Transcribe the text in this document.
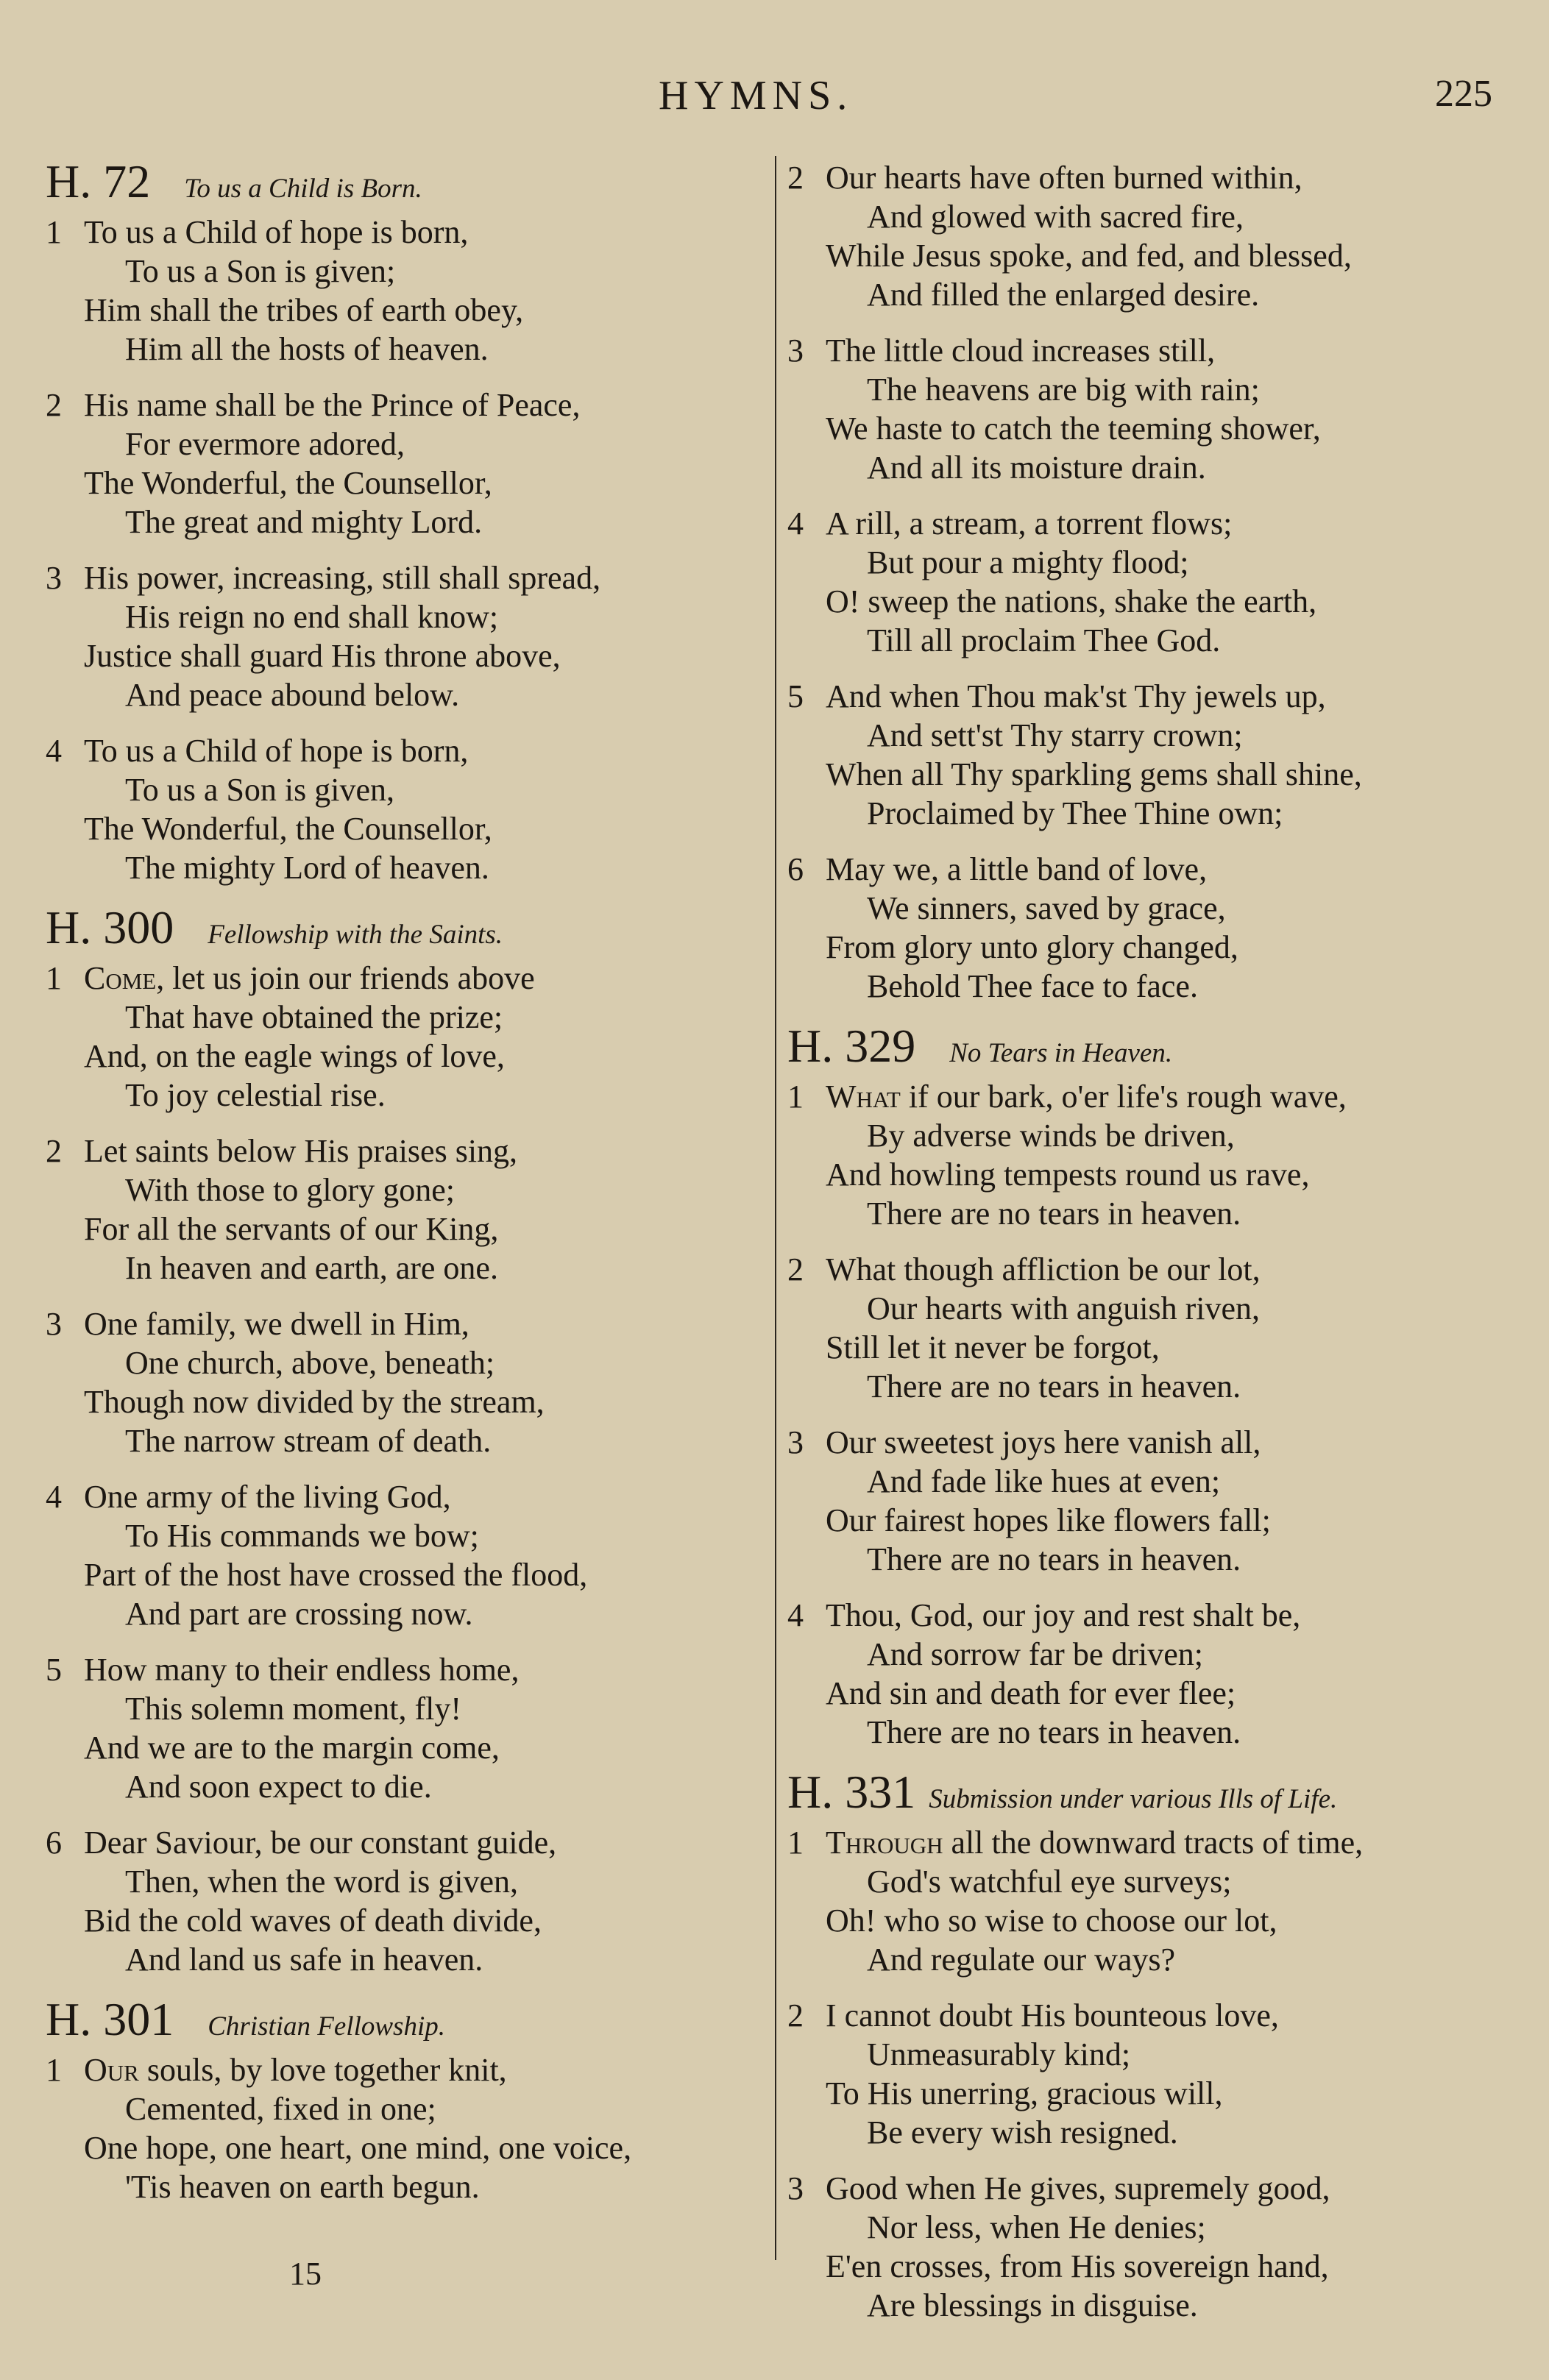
HYMNS.	225
H. 72 To us a Child is Born.
1 To us a Child of hope is born,
To us a Son is given;
Him shall the tribes of earth obey,
Him all the hosts of heaven.
2 His name shall be the Prince of Peace,
For evermore adored,
The Wonderful, the Counsellor,
The great and mighty Lord.
3 His power, increasing, still shall spread,
His reign no end shall know;
Justice shall guard His throne above,
And peace abound below.
4 To us a Child of hope is born,
To us a Son is given,
The Wonderful, the Counsellor,
The mighty Lord of heaven.
H. 300 Fellowship with the Saints.
1 Come, let us join our friends above
That have obtained the prize;
And, on the eagle wings of love,
To joy celestial rise.
2 Let saints below His praises sing,
With those to glory gone;
For all the servants of our King,
In heaven and earth, are one.
3 One family, we dwell in Him,
One church, above, beneath;
Though now divided by the stream,
The narrow stream of death.
4 One army of the living God,
To His commands we bow;
Part of the host have crossed the flood,
And part are crossing now.
5 How many to their endless home,
This solemn moment, fly!
And we are to the margin come,
And soon expect to die.
6 Dear Saviour, be our constant guide,
Then, when the word is given,
Bid the cold waves of death divide,
And land us safe in heaven.
H. 301 Christian Fellowship.
1 Our souls, by love together knit,
Cemented, fixed in one;
One hope, one heart, one mind, one voice,
'Tis heaven on earth begun.
2 Our hearts have often burned within,
And glowed with sacred fire,
While Jesus spoke, and fed, and blessed,
And filled the enlarged desire.
3 The little cloud increases still,
The heavens are big with rain;
We haste to catch the teeming shower,
And all its moisture drain.
4 A rill, a stream, a torrent flows;
But pour a mighty flood;
O! sweep the nations, shake the earth,
Till all proclaim Thee God.
5 And when Thou mak'st Thy jewels up,
And sett'st Thy starry crown;
When all Thy sparkling gems shall shine,
Proclaimed by Thee Thine own;
6 May we, a little band of love,
We sinners, saved by grace,
From glory unto glory changed,
Behold Thee face to face.
H. 329 No Tears in Heaven.
1 What if our bark, o'er life's rough wave,
By adverse winds be driven,
And howling tempests round us rave,
There are no tears in heaven.
2 What though affliction be our lot,
Our hearts with anguish riven,
Still let it never be forgot,
There are no tears in heaven.
3 Our sweetest joys here vanish all,
And fade like hues at even;
Our fairest hopes like flowers fall;
There are no tears in heaven.
4 Thou, God, our joy and rest shalt be,
And sorrow far be driven;
And sin and death for ever flee;
There are no tears in heaven.
H. 331 Submission under various Ills of Life.
1 Through all the downward tracts of time,
God's watchful eye surveys;
Oh! who so wise to choose our lot,
And regulate our ways?
2 I cannot doubt His bounteous love,
Unmeasurably kind;
To His unerring, gracious will,
Be every wish resigned.
3 Good when He gives, supremely good,
Nor less, when He denies;
E'en crosses, from His sovereign hand,
Are blessings in disguise.
15
